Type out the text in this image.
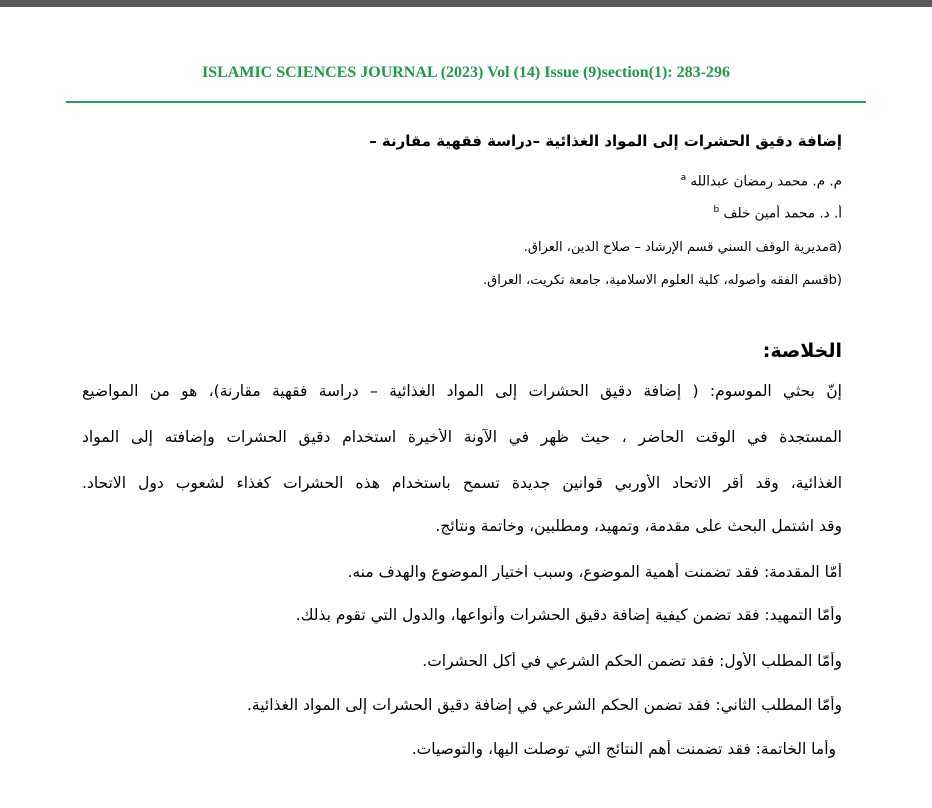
ISLAMIC SCIENCES JOURNAL (2023) Vol (14) Issue (9)section(1): 283-296
إضافة دقيق الحشرات إلى المواد الغذائية –دراسة فقهية مقارنة –
م. م. محمد رمضان عبدالله $^a$
أ. د. محمد أمين خلف $^b$
a)مديرية الوقف السني قسم الإرشاد – صلاح الدين، العراق.
b)قسم الفقه وأصوله، كلية العلوم الاسلامية، جامعة تكريت، العراق.
الخلاصة:
إنّ بحثي الموسوم: ( إضافة دقيق الحشرات إلى المواد الغذائية – دراسة فقهية مقارنة)، هو من المواضيع
المستجدة في الوقت الحاضر ، حيث ظهر في الآونة الأخيرة استخدام دقيق الحشرات وإضافته إلى المواد
الغذائية، وقد أقر الاتحاد الأوربي قوانين جديدة تسمح باستخدام هذه الحشرات كغذاء لشعوب دول الاتحاد.
وقد اشتمل البحث على مقدمة، وتمهيد، ومطلبين، وخاتمة ونتائج.
أمّا المقدمة: فقد تضمنت أهمية الموضوع، وسبب اختيار الموضوع والهدف منه.
وأمّا التمهيد: فقد تضمن كيفية إضافة دقيق الحشرات وأنواعها، والدول التي تقوم بذلك.
وأمّا المطلب الأول: فقد تضمن الحكم الشرعي في أكل الحشرات.
وأمّا المطلب الثاني: فقد تضمن الحكم الشرعي في إضافة دقيق الحشرات إلى المواد الغذائية.
وأما الخاتمة: فقد تضمنت أهم النتائج التي توصلت اليها، والتوصيات.
